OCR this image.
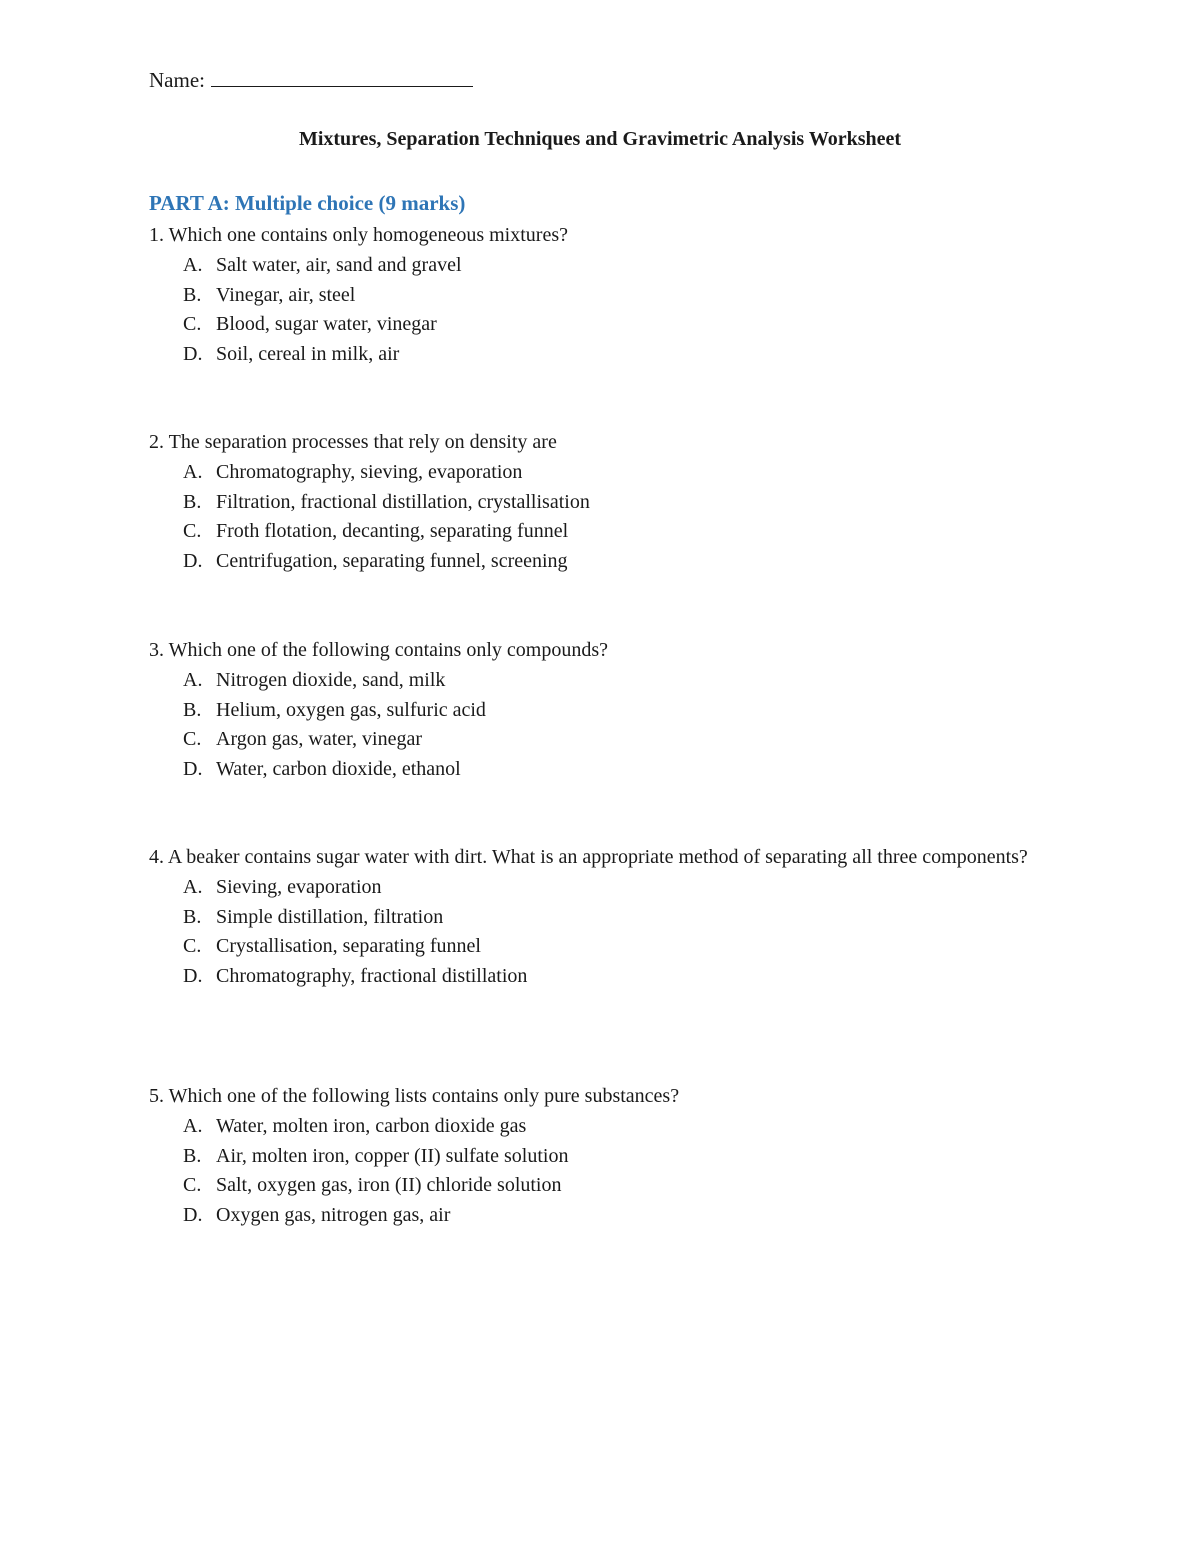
Name:
Mixtures, Separation Techniques and Gravimetric Analysis Worksheet
PART A: Multiple choice (9 marks)

1. Which one contains only homogeneous mixtures?

A. Salt water, air, sand and gravel
B. Vinegar, air, steel
C. Blood, sugar water, vinegar
D. Soil, cereal in milk, air

2. The separation processes that rely on density are

A. Chromatography, sieving, evaporation
B. Filtration, fractional distillation, crystallisation
C. Froth flotation, decanting, separating funnel
D. Centrifugation, separating funnel, screening

3. Which one of the following contains only compounds?

A. Nitrogen dioxide, sand, milk
B. Helium, oxygen gas, sulfuric acid
C. Argon gas, water, vinegar
D. Water, carbon dioxide, ethanol

4. A beaker contains sugar water with dirt. What is an appropriate method of separating all three components?

A. Sieving, evaporation
B. Simple distillation, filtration
C. Crystallisation, separating funnel
D. Chromatography, fractional distillation

5. Which one of the following lists contains only pure substances?

A. Water, molten iron, carbon dioxide gas
B. Air, molten iron, copper (II) sulfate solution
C. Salt, oxygen gas, iron (II) chloride solution
D. Oxygen gas, nitrogen gas, air
